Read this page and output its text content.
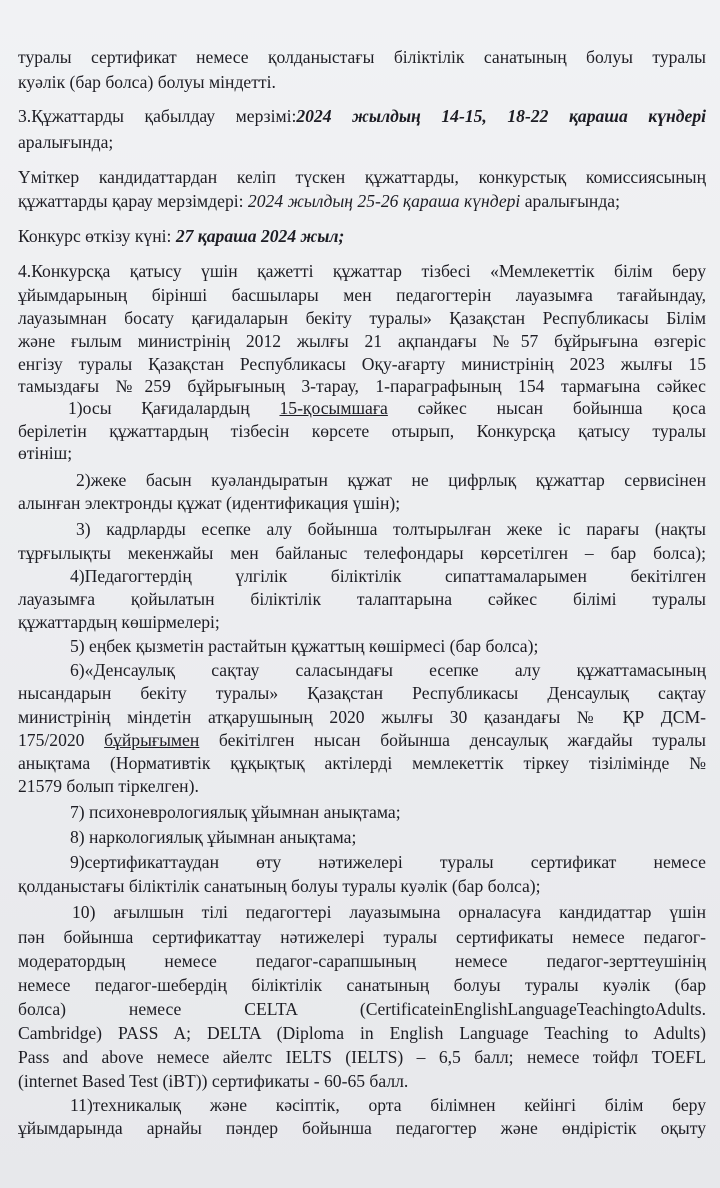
туралы сертификат немесе қолданыстағы біліктілік санатының болуы туралы
куәлік (бар болса) болуы міндетті.
3.Құжаттарды қабылдау мерзімі:2024 жылдың 14-15, 18-22 қараша күндері
аралығында;
Үміткер кандидаттардан келіп түскен құжаттарды, конкурстық комиссиясының
құжаттарды қарау мерзімдері: 2024 жылдың 25-26 қараша күндері аралығында;
Конкурс өткізу күні: 27 қараша 2024 жыл;
4.Конкурсқа қатысу үшін қажетті құжаттар тізбесі «Мемлекеттік білім беру
ұйымдарының бірінші басшылары мен педагогтерін лауазымға тағайындау,
лауазымнан босату қағидаларын бекіту туралы» Қазақстан Республикасы Білім
және ғылым министрінің 2012 жылғы 21 ақпандағы №57 бұйрығына өзгеріс
енгізу туралы Қазақстан Республикасы Оқу-ағарту министрінің 2023 жылғы 15
тамыздағы №259 бұйрығының 3-тарау, 1-параграфының 154 тармағына сәйкес
1)осы Қағидалардың 15-қосымшаға сәйкес нысан бойынша қоса
берілетін құжаттардың тізбесін көрсете отырып, Конкурсқа қатысу туралы
өтініш;
2)жеке басын куәландыратын құжат не цифрлық құжаттар сервисінен
алынған электронды құжат (идентификация үшін);
3) кадрларды есепке алу бойынша толтырылған жеке іс парағы (нақты
тұрғылықты мекенжайы мен байланыс телефондары көрсетілген – бар болса);
4)Педагогтердің үлгілік біліктілік сипаттамаларымен бекітілген
лауазымға қойылатын біліктілік талаптарына сәйкес білімі туралы
құжаттардың көшірмелері;
5) еңбек қызметін растайтын құжаттың көшірмесі (бар болса);
6)«Денсаулық сақтау саласындағы есепке алу құжаттамасының
нысандарын бекіту туралы» Қазақстан Республикасы Денсаулық сақтау
министрінің міндетін атқарушының 2020 жылғы 30 қазандағы № ҚР ДСМ-
175/2020 бұйрығымен бекітілген нысан бойынша денсаулық жағдайы туралы
анықтама (Нормативтік құқықтық актілерді мемлекеттік тіркеу тізілімінде №
21579 болып тіркелген).
7) психоневрологиялық ұйымнан анықтама;
8) наркологиялық ұйымнан анықтама;
9)сертификаттаудан өту нәтижелері туралы сертификат немесе
қолданыстағы біліктілік санатының болуы туралы куәлік (бар болса);
10) ағылшын тілі педагогтері лауазымына орналасуға кандидаттар үшін
пән бойынша сертификаттау нәтижелері туралы сертификаты немесе педагог-
модератордың немесе педагог-сарапшының немесе педагог-зерттеушінің
немесе педагог-шебердің біліктілік санатының болуы туралы куәлік (бар
болса) немесе CELTA (CertificateinEnglishLanguageTeachingtoAdults.
Cambridge) PASS A; DELTA (Diploma in English Language Teaching to Adults)
Pass and above немесе айелтс IELTS (IELTS) – 6,5 балл; немесе тойфл TOEFL
(internet Based Test (iBT)) сертификаты - 60-65 балл.
11)техникалық және кәсіптік, орта білімнен кейінгі білім беру
ұйымдарында арнайы пәндер бойынша педагогтер және өндірістік оқыту
